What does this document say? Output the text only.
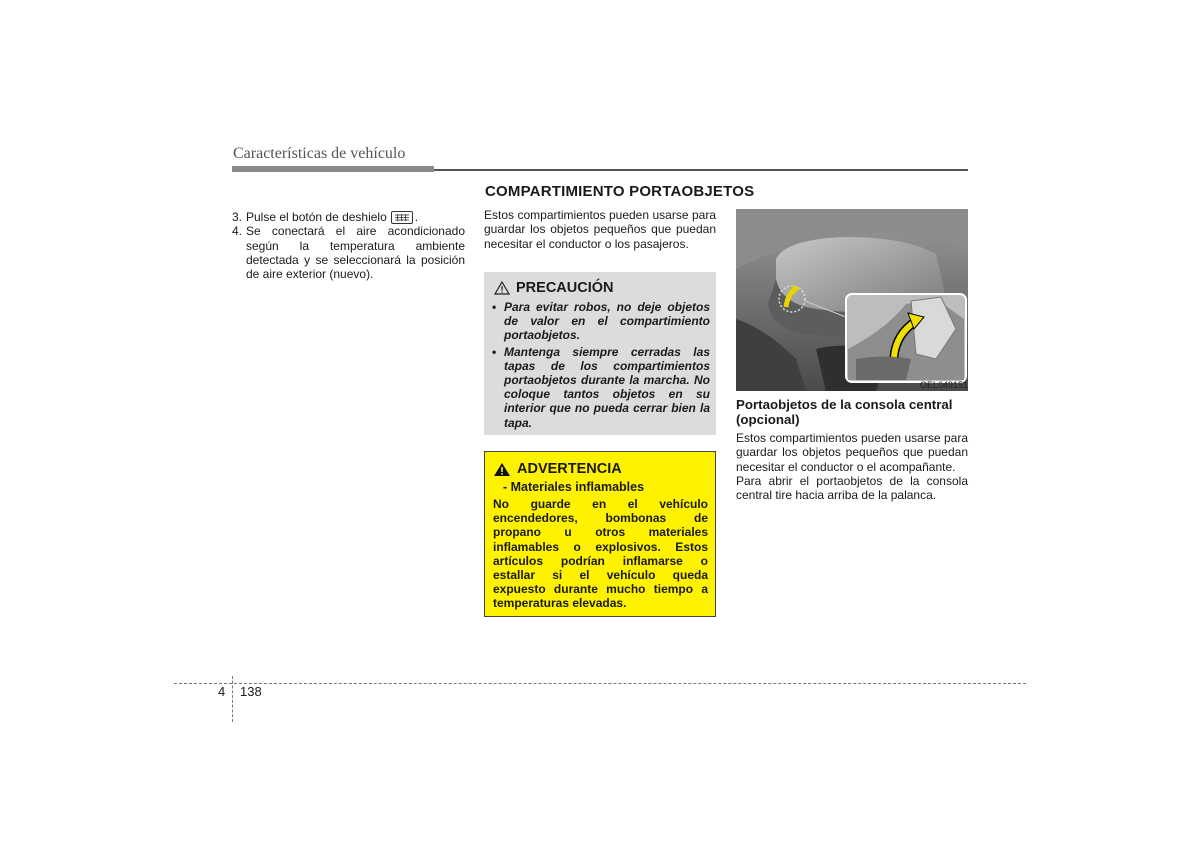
Características de vehículo
COMPARTIMIENTO PORTAOBJETOS
3. Pulse el botón de deshielo .
4. Se conectará el aire acondicionado según la temperatura ambiente detectada y se seleccionará la posición de aire exterior (nuevo).
Estos compartimientos pueden usarse para guardar los objetos pequeños que puedan necesitar el conductor o los pasajeros.
PRECAUCIÓN
• Para evitar robos, no deje objetos de valor en el compartimiento portaobjetos.
• Mantenga siempre cerradas las tapas de los compartimientos portaobjetos durante la marcha. No coloque tantos objetos en su interior que no pueda cerrar bien la tapa.
ADVERTENCIA
- Materiales inflamables
No guarde en el vehículo encendedores, bombonas de propano u otros materiales inflamables o explosivos. Estos artículos podrían inflamarse o estallar si el vehículo queda expuesto durante mucho tiempo a temperaturas elevadas.
OEL049151
Portaobjetos de la consola central (opcional)
Estos compartimientos pueden usarse para guardar los objetos pequeños que puedan necesitar el conductor o el acompañante.
Para abrir el portaobjetos de la consola central tire hacia arriba de la palanca.
4 138
